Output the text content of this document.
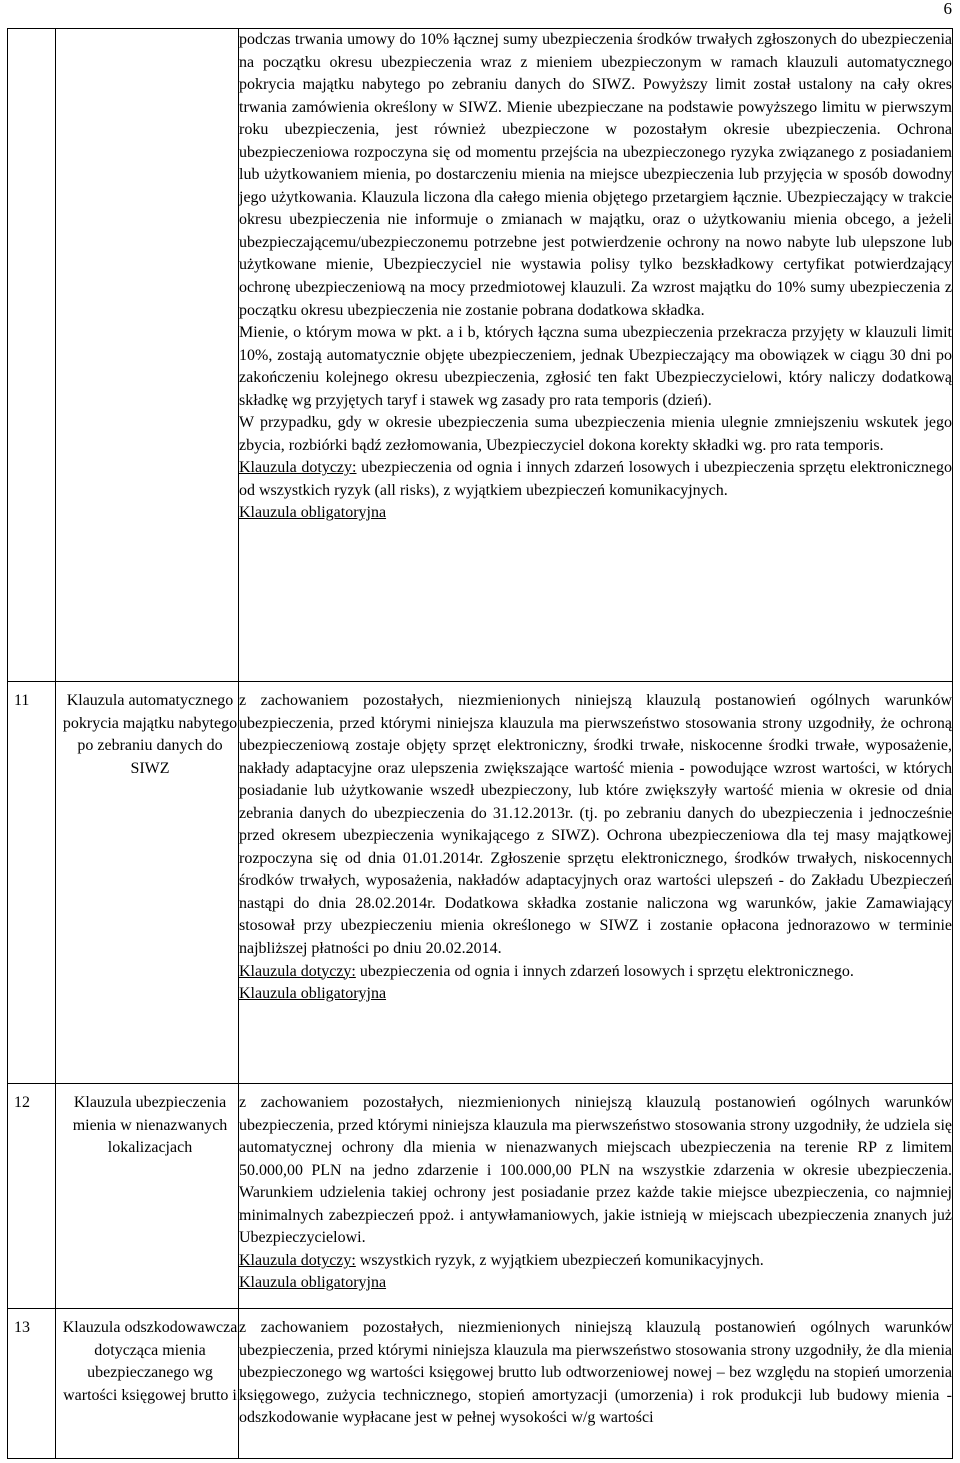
6

		podczas trwania umowy do 10% łącznej sumy ubezpieczenia środków trwałych zgłoszonych do ubezpieczenia na początku okresu ubezpieczenia wraz z mieniem ubezpieczonym w ramach klauzuli automatycznego pokrycia majątku nabytego po zebraniu danych do SIWZ. Powyższy limit został ustalony na cały okres trwania zamówienia określony w SIWZ. Mienie ubezpieczane na podstawie powyższego limitu w pierwszym roku ubezpieczenia, jest również ubezpieczone w pozostałym okresie ubezpieczenia. Ochrona ubezpieczeniowa rozpoczyna się od momentu przejścia na ubezpieczonego ryzyka związanego z posiadaniem lub użytkowaniem mienia, po dostarczeniu mienia na miejsce ubezpieczenia lub przyjęcia w sposób dowodny jego użytkowania. Klauzula liczona dla całego mienia objętego przetargiem łącznie. Ubezpieczający w trakcie okresu ubezpieczenia nie informuje o zmianach w majątku, oraz o użytkowaniu mienia obcego, a jeżeli ubezpieczającemu/ubezpieczonemu potrzebne jest potwierdzenie ochrony na nowo nabyte lub ulepszone lub użytkowane mienie, Ubezpieczyciel nie wystawia polisy tylko bezskładkowy certyfikat potwierdzający ochronę ubezpieczeniową na mocy przedmiotowej klauzuli. Za wzrost majątku do 10% sumy ubezpieczenia z początku okresu ubezpieczenia nie zostanie pobrana dodatkowa składka.

Mienie, o którym mowa w pkt. a i b, których łączna suma ubezpieczenia przekracza przyjęty w klauzuli limit 10%, zostają automatycznie objęte ubezpieczeniem, jednak Ubezpieczający ma obowiązek w ciągu 30 dni po zakończeniu kolejnego okresu ubezpieczenia, zgłosić ten fakt Ubezpieczycielowi, który naliczy dodatkową składkę wg przyjętych taryf i stawek wg zasady pro rata temporis (dzień).

W przypadku, gdy w okresie ubezpieczenia suma ubezpieczenia mienia ulegnie zmniejszeniu wskutek jego zbycia, rozbiórki bądź zezłomowania, Ubezpieczyciel dokona korekty składki wg. pro rata temporis.

Klauzula dotyczy: ubezpieczenia od ognia i innych zdarzeń losowych i ubezpieczenia sprzętu elektronicznego od wszystkich ryzyk (all risks), z wyjątkiem ubezpieczeń komunikacyjnych.

Klauzula obligatoryjna

11	Klauzula automatycznego pokrycia majątku nabytego po zebraniu danych do SIWZ	z zachowaniem pozostałych, niezmienionych niniejszą klauzulą postanowień ogólnych warunków ubezpieczenia, przed którymi niniejsza klauzula ma pierwszeństwo stosowania strony uzgodniły, że ochroną ubezpieczeniową zostaje objęty sprzęt elektroniczny, środki trwałe, niskocenne środki trwałe, wyposażenie, nakłady adaptacyjne oraz ulepszenia zwiększające wartość mienia - powodujące wzrost wartości, w których posiadanie lub użytkowanie wszedł ubezpieczony, lub które zwiększyły wartość mienia w okresie od dnia zebrania danych do ubezpieczenia do 31.12.2013r. (tj. po zebraniu danych do ubezpieczenia i jednocześnie przed okresem ubezpieczenia wynikającego z SIWZ). Ochrona ubezpieczeniowa dla tej masy majątkowej rozpoczyna się od dnia 01.01.2014r. Zgłoszenie sprzętu elektronicznego, środków trwałych, niskocennych środków trwałych, wyposażenia, nakładów adaptacyjnych oraz wartości ulepszeń - do Zakładu Ubezpieczeń nastąpi do dnia 28.02.2014r. Dodatkowa składka zostanie naliczona wg warunków, jakie Zamawiający stosował przy ubezpieczeniu mienia określonego w SIWZ i zostanie opłacona jednorazowo w terminie najbliższej płatności po dniu 20.02.2014.

Klauzula dotyczy: ubezpieczenia od ognia i innych zdarzeń losowych i sprzętu elektronicznego.

Klauzula obligatoryjna

12	Klauzula ubezpieczenia mienia w nienazwanych lokalizacjach	z zachowaniem pozostałych, niezmienionych niniejszą klauzulą postanowień ogólnych warunków ubezpieczenia, przed którymi niniejsza klauzula ma pierwszeństwo stosowania strony uzgodniły, że udziela się automatycznej ochrony dla mienia w nienazwanych miejscach ubezpieczenia na terenie RP z limitem 50.000,00 PLN na jedno zdarzenie i 100.000,00 PLN na wszystkie zdarzenia w okresie ubezpieczenia. Warunkiem udzielenia takiej ochrony jest posiadanie przez każde takie miejsce ubezpieczenia, co najmniej minimalnych zabezpieczeń ppoż. i antywłamaniowych, jakie istnieją w miejscach ubezpieczenia znanych już Ubezpieczycielowi.

Klauzula dotyczy: wszystkich ryzyk, z wyjątkiem ubezpieczeń komunikacyjnych.

Klauzula obligatoryjna

13	Klauzula odszkodowawcza dotycząca mienia ubezpieczanego wg wartości księgowej brutto i	z zachowaniem pozostałych, niezmienionych niniejszą klauzulą postanowień ogólnych warunków ubezpieczenia, przed którymi niniejsza klauzula ma pierwszeństwo stosowania strony uzgodniły, że dla mienia ubezpieczonego wg wartości księgowej brutto lub odtworzeniowej nowej – bez względu na stopień umorzenia księgowego, zużycia technicznego, stopień amortyzacji (umorzenia) i rok produkcji lub budowy mienia - odszkodowanie wypłacane jest w pełnej wysokości w/g wartości
